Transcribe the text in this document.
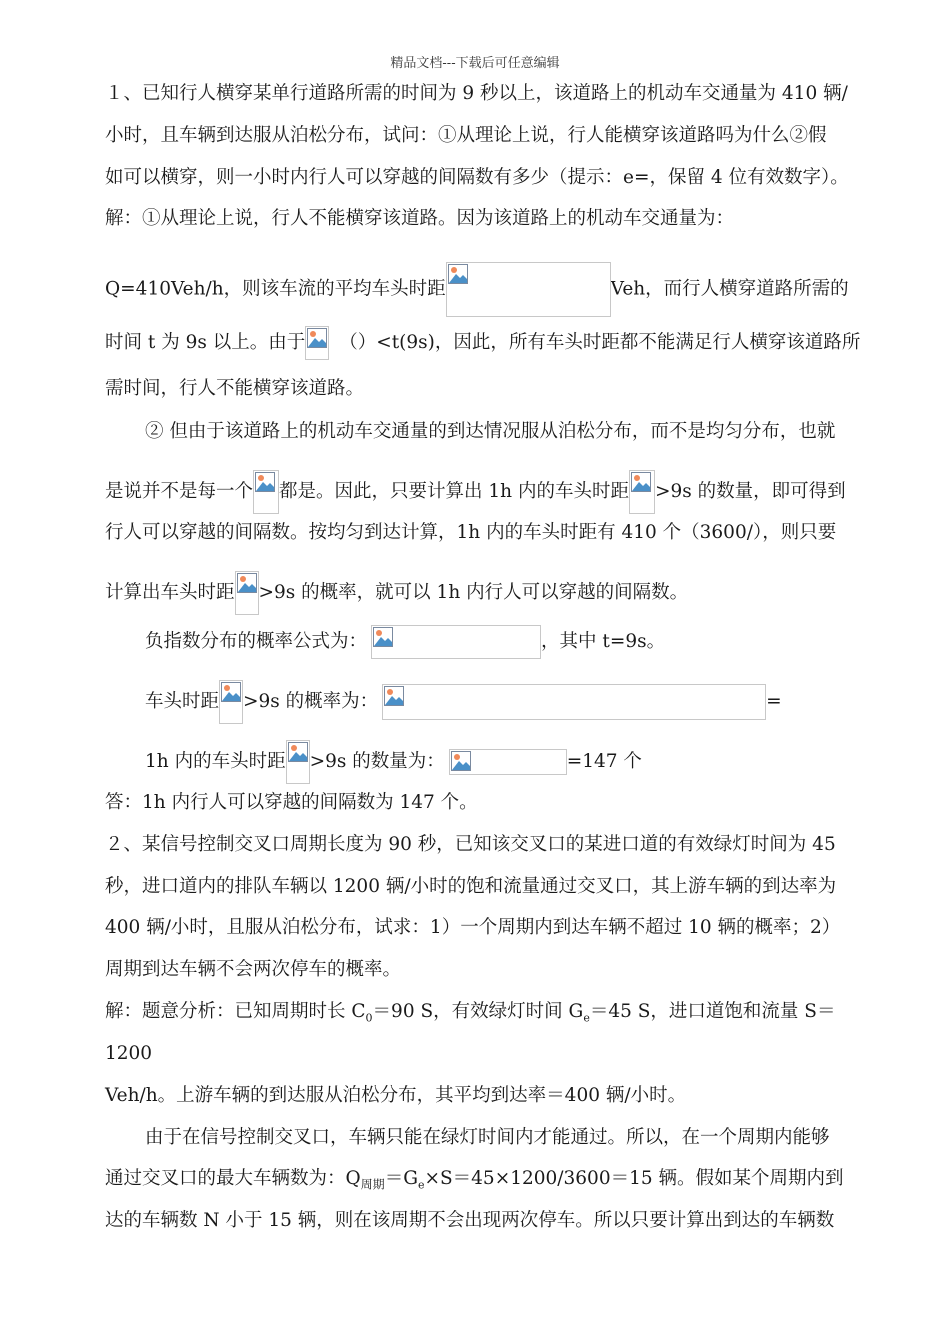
精品文档---下载后可任意编辑
１、已知行人横穿某单行道路所需的时间为 9 秒以上，该道路上的机动车交通量为 410 辆/
小时，且车辆到达服从泊松分布，试问：①从理论上说，行人能横穿该道路吗为什么②假
如可以横穿，则一小时内行人可以穿越的间隔数有多少（提示：e=，保留 4 位有效数字）。
解：①从理论上说，行人不能横穿该道路。因为该道路上的机动车交通量为：
Q=410Veh/h，则该车流的平均车头时距	Veh，而行人横穿道路所需的
时间 t 为 9s 以上。由于 （）<t(9s)，因此，所有车头时距都不能满足行人横穿该道路所
需时间，行人不能横穿该道路。
② 但由于该道路上的机动车交通量的到达情况服从泊松分布，而不是均匀分布，也就
是说并不是每一个 都是。因此，只要计算出 1h 内的车头时距 >9s 的数量，即可得到
行人可以穿越的间隔数。按均匀到达计算，1h 内的车头时距有 410 个（3600/），则只要
计算出车头时距 >9s 的概率，就可以 1h 内行人可以穿越的间隔数。
负指数分布的概率公式为：	，其中 t=9s。
车头时距 >9s 的概率为：	=
1h 内的车头时距 >9s 的数量为：	=147 个
答：1h 内行人可以穿越的间隔数为 147 个。
２、某信号控制交叉口周期长度为 90 秒，已知该交叉口的某进口道的有效绿灯时间为 45
秒，进口道内的排队车辆以 1200 辆/小时的饱和流量通过交叉口，其上游车辆的到达率为
400 辆/小时，且服从泊松分布，试求：1）一个周期内到达车辆不超过 10 辆的概率；2）
周期到达车辆不会两次停车的概率。
解：题意分析：已知周期时长 $C_0=90$ S，有效绿灯时间 $G_e=45$ S，进口道饱和流量 S＝
1200
Veh/h。上游车辆的到达服从泊松分布，其平均到达率＝400 辆/小时。
由于在信号控制交叉口，车辆只能在绿灯时间内才能通过。所以，在一个周期内能够
通过交叉口的最大车辆数为：$Q_{周期}=G_e\times S=45\times 1200/3600=15$ 辆。假如某个周期内到
达的车辆数 N 小于 15 辆，则在该周期不会出现两次停车。所以只要计算出到达的车辆数
